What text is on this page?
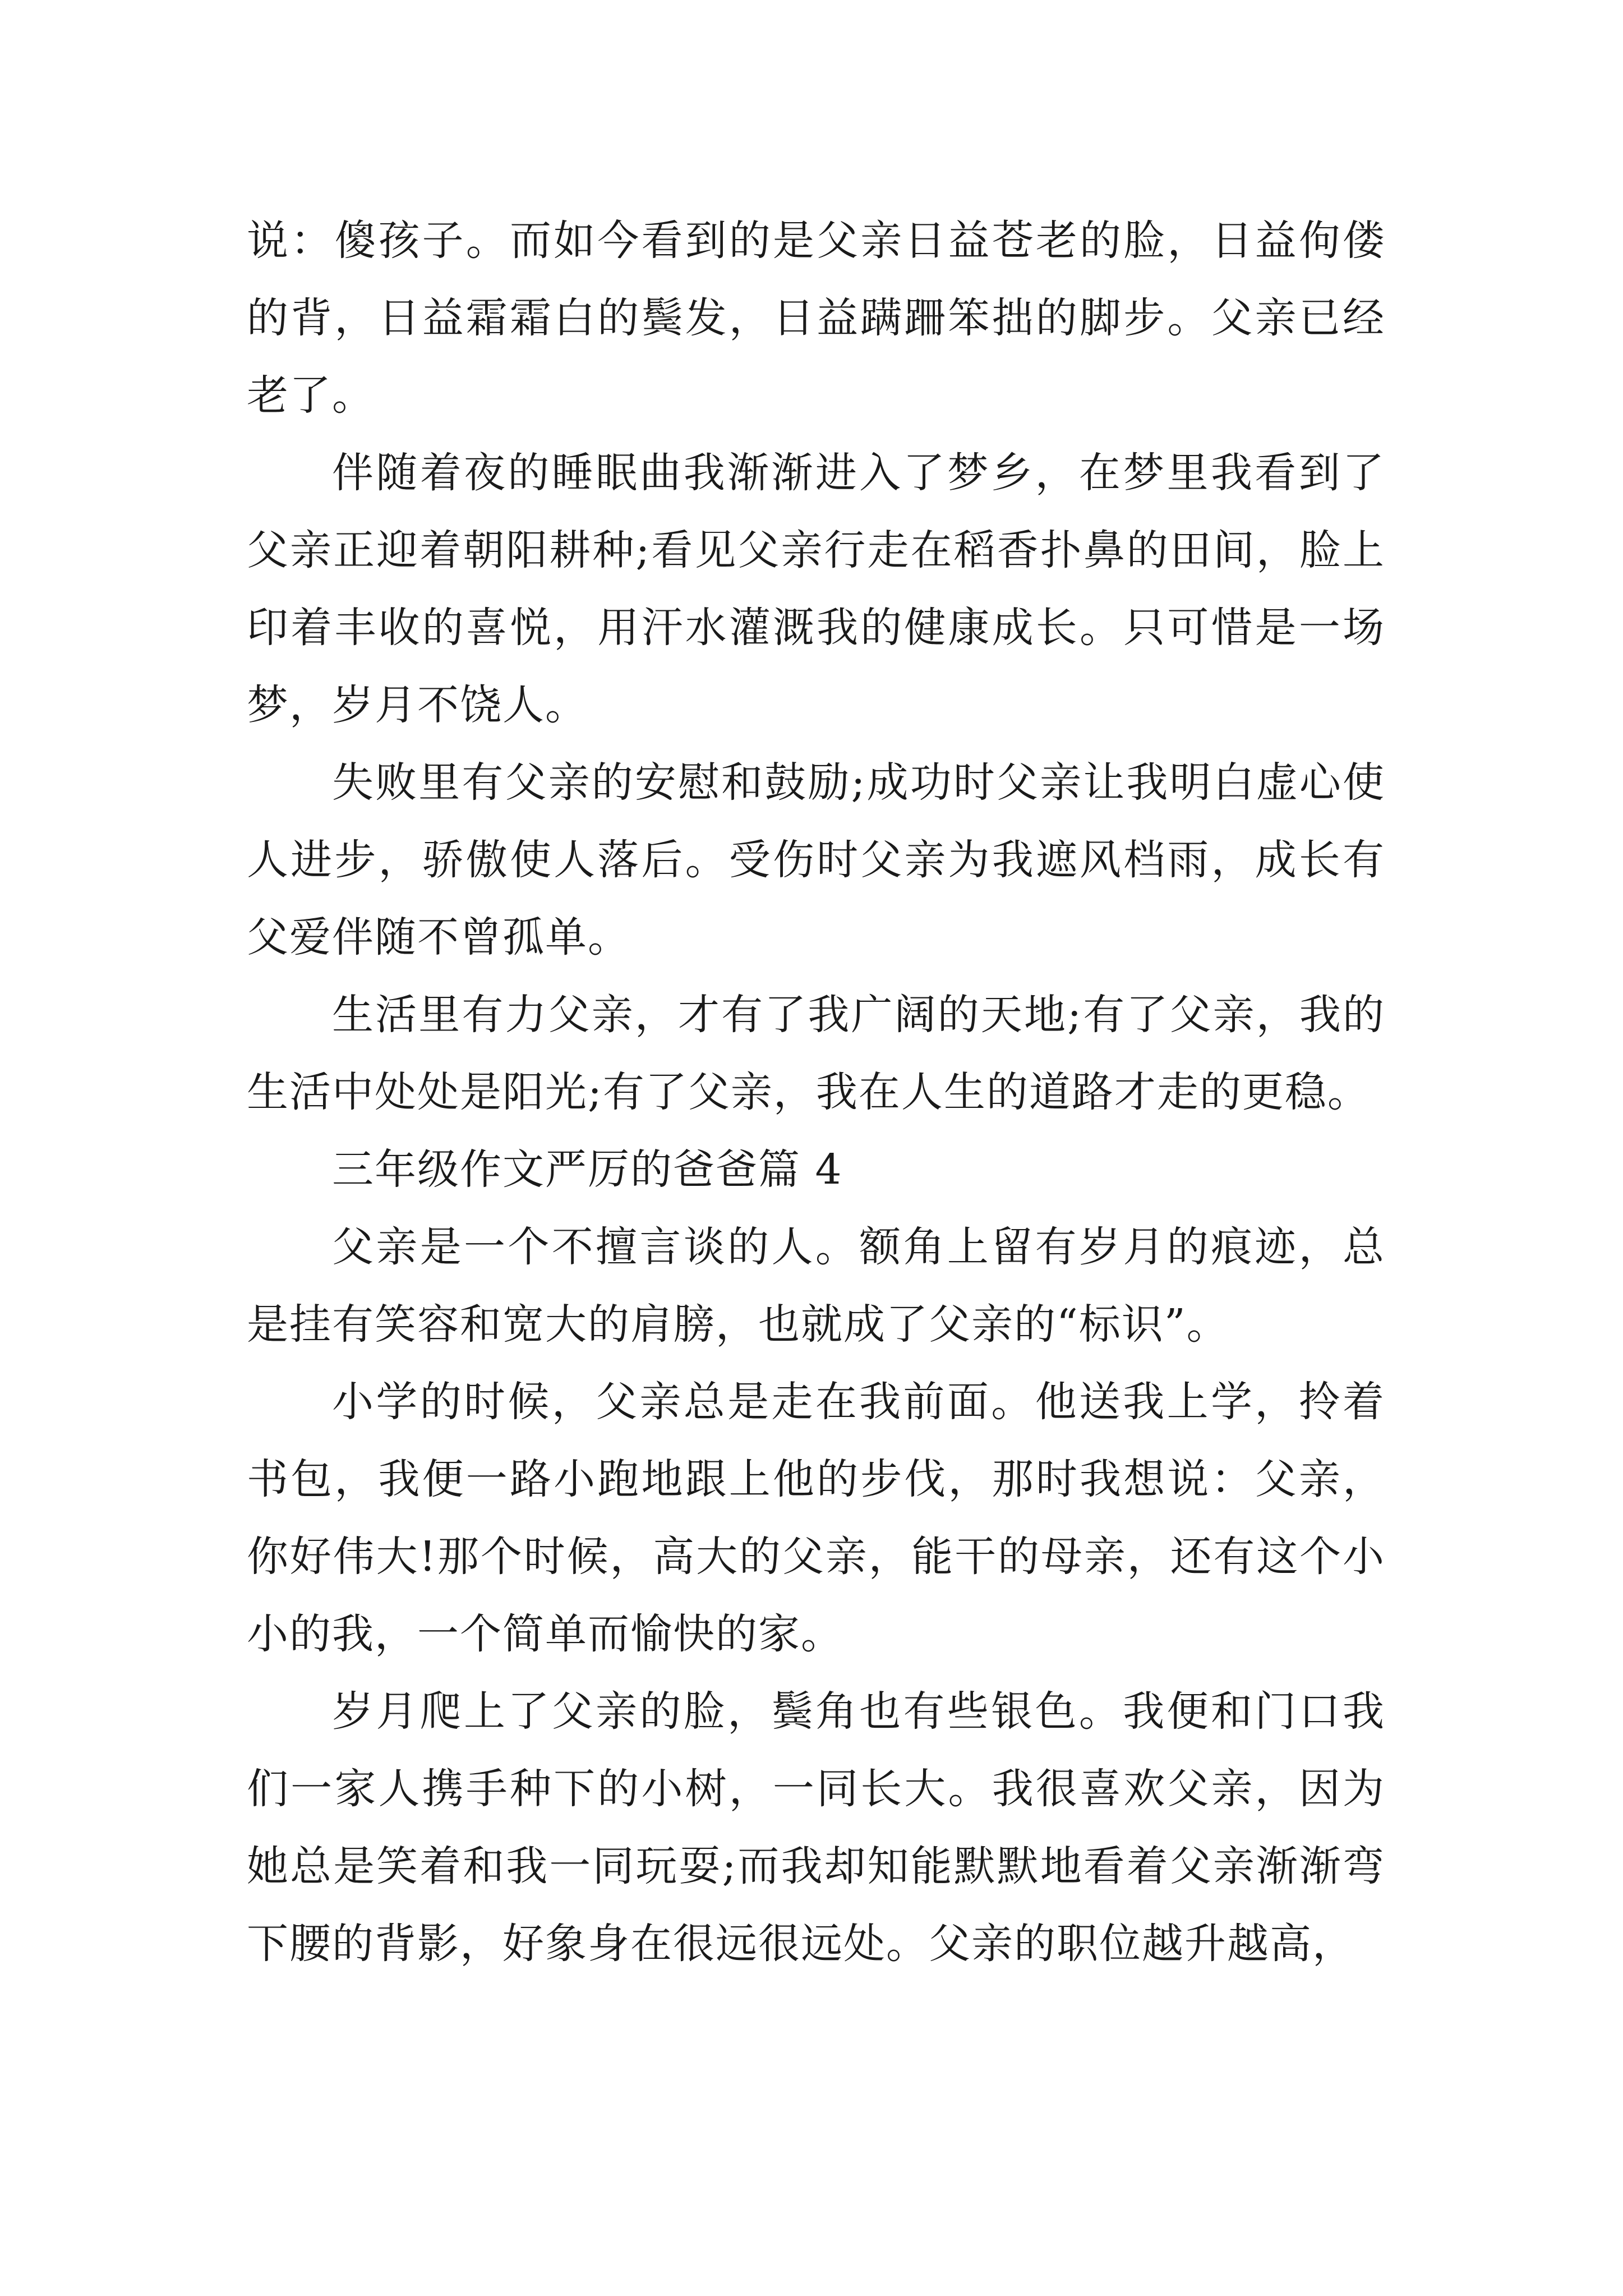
说：傻孩子。而如今看到的是父亲日益苍老的脸，日益佝偻的背，日益霜霜白的鬓发，日益蹒跚笨拙的脚步。父亲已经老了。

伴随着夜的睡眠曲我渐渐进入了梦乡，在梦里我看到了父亲正迎着朝阳耕种;看见父亲行走在稻香扑鼻的田间，脸上印着丰收的喜悦，用汗水灌溉我的健康成长。只可惜是一场梦，岁月不饶人。

失败里有父亲的安慰和鼓励;成功时父亲让我明白虚心使人进步，骄傲使人落后。受伤时父亲为我遮风档雨，成长有父爱伴随不曾孤单。

生活里有力父亲，才有了我广阔的天地;有了父亲，我的生活中处处是阳光;有了父亲，我在人生的道路才走的更稳。

三年级作文严厉的爸爸篇 4

父亲是一个不擅言谈的人。额角上留有岁月的痕迹，总是挂有笑容和宽大的肩膀，也就成了父亲的“标识”。

小学的时候，父亲总是走在我前面。他送我上学，拎着书包，我便一路小跑地跟上他的步伐，那时我想说：父亲，你好伟大!那个时候，高大的父亲，能干的母亲，还有这个小小的我，一个简单而愉快的家。

岁月爬上了父亲的脸，鬓角也有些银色。我便和门口我们一家人携手种下的小树，一同长大。我很喜欢父亲，因为她总是笑着和我一同玩耍;而我却知能默默地看着父亲渐渐弯下腰的背影，好象身在很远很远处。父亲的职位越升越高，
